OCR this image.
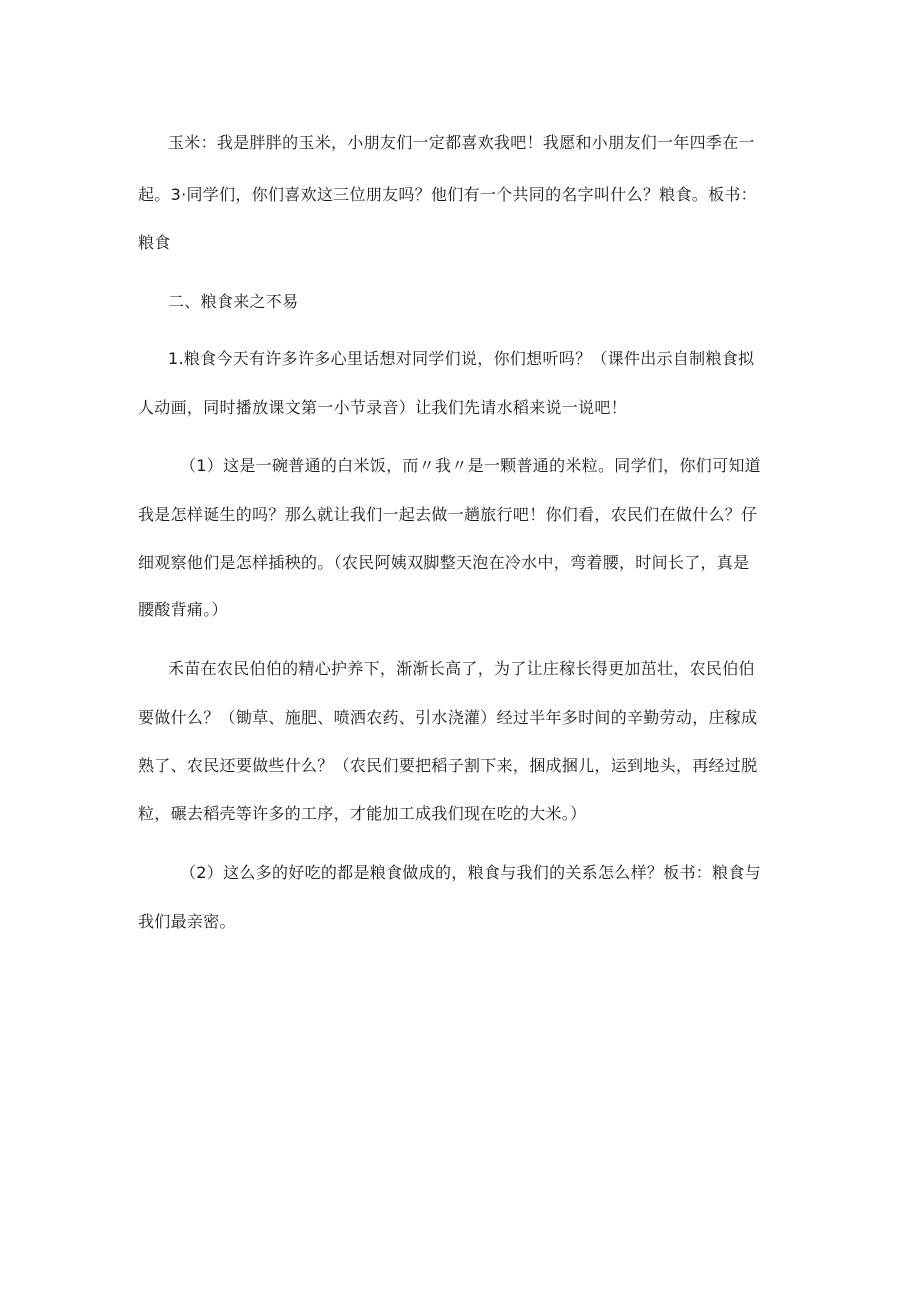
玉米：我是胖胖的玉米，小朋友们一定都喜欢我吧！我愿和小朋友们一年四季在一
起。3·同学们，你们喜欢这三位朋友吗？他们有一个共同的名字叫什么？粮食。板书：
粮食
二、粮食来之不易
1.粮食今天有许多许多心里话想对同学们说，你们想听吗？（课件出示自制粮食拟
人动画，同时播放课文第一小节录音）让我们先请水稻来说一说吧！
（1）这是一碗普通的白米饭，而〃我〃是一颗普通的米粒。同学们，你们可知道
我是怎样诞生的吗？那么就让我们一起去做一趟旅行吧！你们看，农民们在做什么？仔
细观察他们是怎样插秧的。（农民阿姨双脚整天泡在冷水中，弯着腰，时间长了，真是
腰酸背痛。）
禾苗在农民伯伯的精心护养下，渐渐长高了，为了让庄稼长得更加茁壮，农民伯伯
要做什么？（锄草、施肥、喷洒农药、引水浇灌）经过半年多时间的辛勤劳动，庄稼成
熟了、农民还要做些什么？（农民们要把稻子割下来，捆成捆儿，运到地头，再经过脱
粒，碾去稻壳等许多的工序，才能加工成我们现在吃的大米。）
（2）这么多的好吃的都是粮食做成的，粮食与我们的关系怎么样？板书：粮食与
我们最亲密。
